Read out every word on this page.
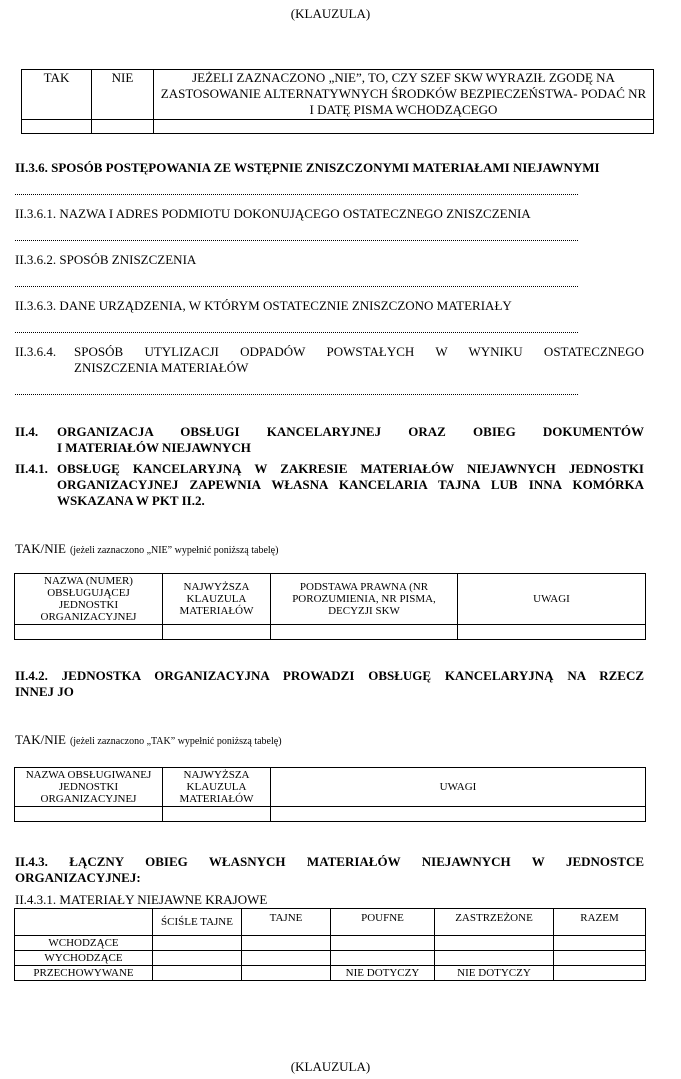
(KLAUZULA)
TAK	NIE	JEŻELI ZAZNACZONO „NIE”, TO, CZY SZEF SKW WYRAZIŁ ZGODĘ NA ZASTOSOWANIE ALTERNATYWNYCH ŚRODKÓW BEZPIECZEŃSTWA- PODAĆ NR I DATĘ PISMA WCHODZĄCEGO

II.3.6. SPOSÓB POSTĘPOWANIA ZE WSTĘPNIE ZNISZCZONYMI MATERIAŁAMI NIEJAWNYMI
II.3.6.1. NAZWA I ADRES PODMIOTU DOKONUJĄCEGO OSTATECZNEGO ZNISZCZENIA
II.3.6.2. SPOSÓB ZNISZCZENIA
II.3.6.3. DANE URZĄDZENIA, W KTÓRYM OSTATECZNIE ZNISZCZONO MATERIAŁY
II.3.6.4. SPOSÓB UTYLIZACJI ODPADÓW POWSTAŁYCH W WYNIKU OSTATECZNEGO
ZNISZCZENIA MATERIAŁÓW
II.4. ORGANIZACJA OBSŁUGI KANCELARYJNEJ ORAZ OBIEG DOKUMENTÓW
I MATERIAŁÓW NIEJAWNYCH
II.4.1. OBSŁUGĘ KANCELARYJNĄ W ZAKRESIE MATERIAŁÓW NIEJAWNYCH JEDNOSTKI
ORGANIZACYJNEJ ZAPEWNIA WŁASNA KANCELARIA TAJNA LUB INNA KOMÓRKA
WSKAZANA W PKT II.2.
TAK/NIE (jeżeli zaznaczono „NIE” wypełnić poniższą tabelę)
NAZWA (NUMER) OBSŁUGUJĄCEJ JEDNOSTKI ORGANIZACYJNEJ	NAJWYŻSZA KLAUZULA MATERIAŁÓW	PODSTAWA PRAWNA (NR POROZUMIENIA, NR PISMA, DECYZJI SKW	UWAGI

II.4.2. JEDNOSTKA ORGANIZACYJNA PROWADZI OBSŁUGĘ KANCELARYJNĄ NA RZECZ
INNEJ JO
TAK/NIE (jeżeli zaznaczono „TAK” wypełnić poniższą tabelę)
NAZWA OBSŁUGIWANEJ JEDNOSTKI ORGANIZACYJNEJ	NAJWYŻSZA KLAUZULA MATERIAŁÓW	UWAGI

II.4.3. ŁĄCZNY OBIEG WŁASNYCH MATERIAŁÓW NIEJAWNYCH W JEDNOSTCE
ORGANIZACYJNEJ:
II.4.3.1. MATERIAŁY NIEJAWNE KRAJOWE
	ŚCIŚLE TAJNE	TAJNE	POUFNE	ZASTRZEŻONE	RAZEM
WCHODZĄCE					
WYCHODZĄCE					
PRZECHOWYWANE			NIE DOTYCZY	NIE DOTYCZY	
(KLAUZULA)
